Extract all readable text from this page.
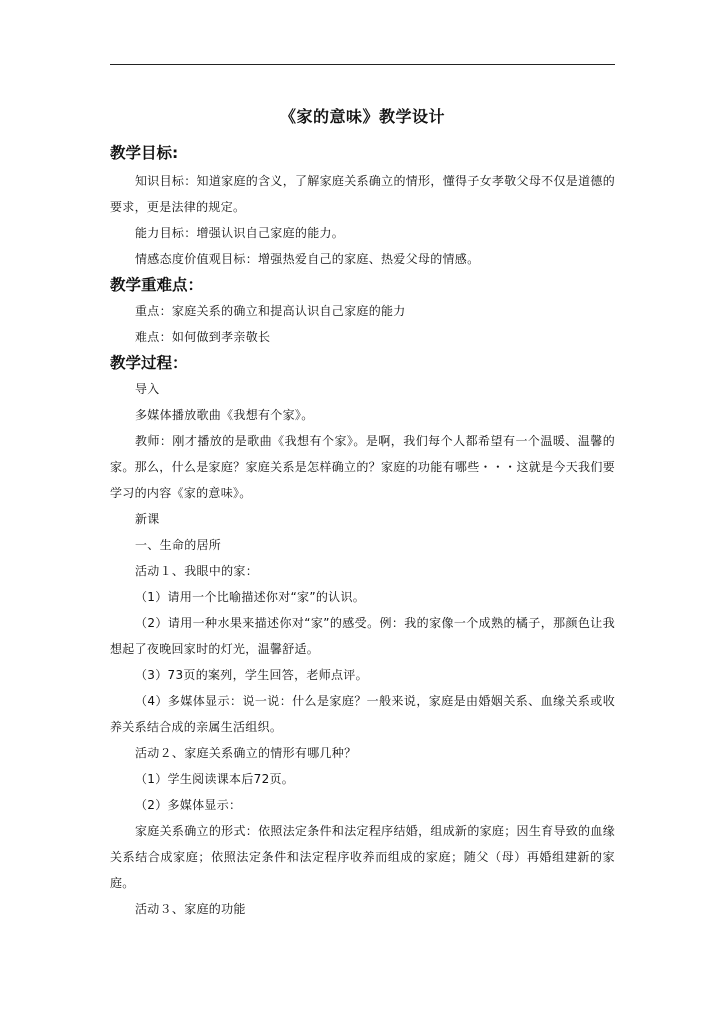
《家的意味》教学设计
教学目标:
知识目标：知道家庭的含义，了解家庭关系确立的情形，懂得子女孝敬父母不仅是道德的要求，更是法律的规定。
能力目标：增强认识自己家庭的能力。
情感态度价值观目标：增强热爱自己的家庭、热爱父母的情感。
教学重难点：
重点：家庭关系的确立和提高认识自己家庭的能力
难点：如何做到孝亲敬长
教学过程：
导入
多媒体播放歌曲《我想有个家》。
教师：刚才播放的是歌曲《我想有个家》。是啊，我们每个人都希望有一个温暖、温馨的家。那么，什么是家庭？家庭关系是怎样确立的？家庭的功能有哪些・・・这就是今天我们要学习的内容《家的意味》。
新课
一、生命的居所
活动１、我眼中的家：
（1）请用一个比喻描述你对“家”的认识。
（2）请用一种水果来描述你对“家”的感受。例：我的家像一个成熟的橘子，那颜色让我想起了夜晚回家时的灯光，温馨舒适。
（3）73页的案列，学生回答，老师点评。
（4）多媒体显示：说一说：什么是家庭？一般来说，家庭是由婚姻关系、血缘关系或收养关系结合成的亲属生活组织。
活动２、家庭关系确立的情形有哪几种？
（1）学生阅读课本后72页。
（2）多媒体显示：
家庭关系确立的形式：依照法定条件和法定程序结婚，组成新的家庭；因生育导致的血缘关系结合成家庭；依照法定条件和法定程序收养而组成的家庭；随父（母）再婚组建新的家庭。
活动３、家庭的功能
